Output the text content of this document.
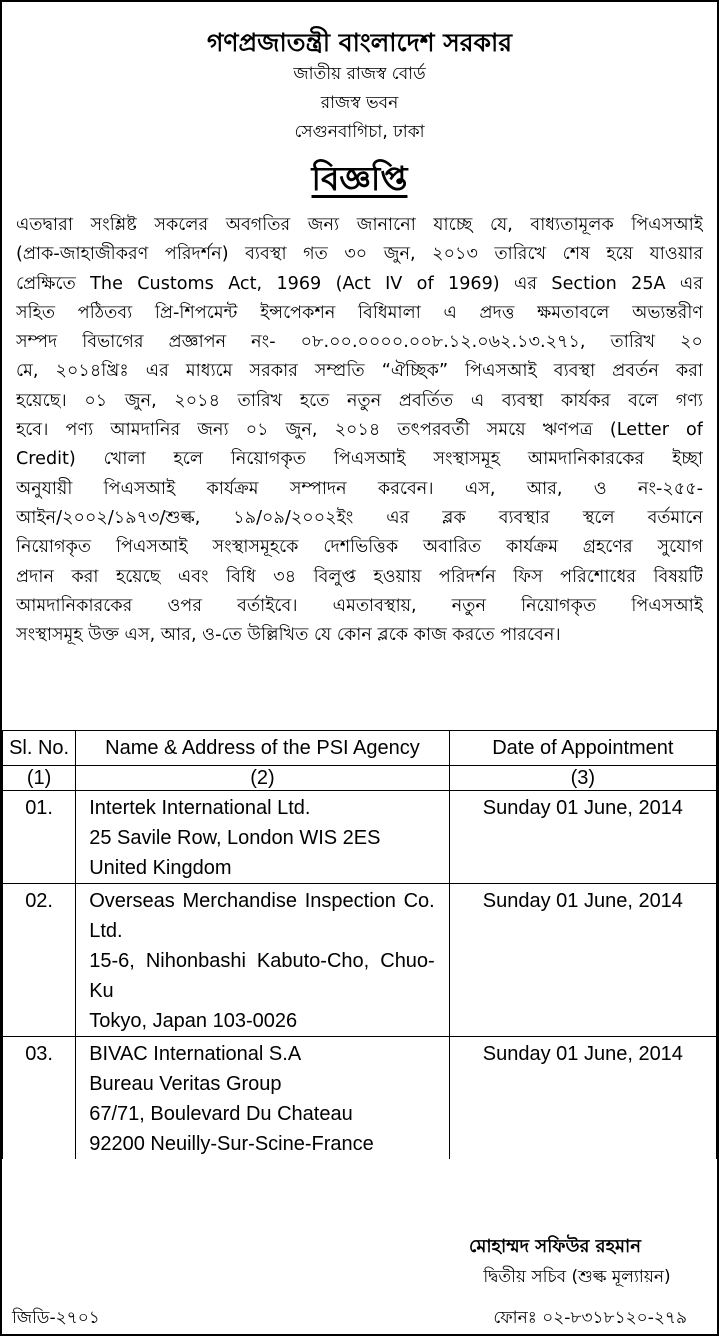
গণপ্রজাতন্ত্রী বাংলাদেশ সরকার
জাতীয় রাজস্ব বোর্ড
রাজস্ব ভবন
সেগুনবাগিচা, ঢাকা
বিজ্ঞপ্তি
এতদ্বারা সংশ্লিষ্ট সকলের অবগতির জন্য জানানো যাচ্ছে যে, বাধ্যতামূলক পিএসআই
(প্রাক-জাহাজীকরণ পরিদর্শন) ব্যবস্থা গত ৩০ জুন, ২০১৩ তারিখে শেষ হয়ে যাওয়ার
প্রেক্ষিতে The Customs Act, 1969 (Act IV of 1969) এর Section 25A এর
সহিত পঠিতব্য প্রি-শিপমেন্ট ইন্সপেকশন বিধিমালা এ প্রদত্ত ক্ষমতাবলে অভ্যন্তরীণ
সম্পদ বিভাগের প্রজ্ঞাপন নং- ০৮.০০.০০০০.০০৮.১২.০৬২.১৩.২৭১, তারিখ ২০
মে, ২০১৪খ্রিঃ এর মাধ্যমে সরকার সম্প্রতি “ঐচ্ছিক” পিএসআই ব্যবস্থা প্রবর্তন করা
হয়েছে। ০১ জুন, ২০১৪ তারিখ হতে নতুন প্রবর্তিত এ ব্যবস্থা কার্যকর বলে গণ্য
হবে। পণ্য আমদানির জন্য ০১ জুন, ২০১৪ তৎপরবর্তী সময়ে ঋণপত্র (Letter of
Credit) খোলা হলে নিয়োগকৃত পিএসআই সংস্থাসমূহ আমদানিকারকের ইচ্ছা
অনুযায়ী পিএসআই কার্যক্রম সম্পাদন করবেন। এস, আর, ও নং-২৫৫-
আইন/২০০২/১৯৭৩/শুল্ক, ১৯/০৯/২০০২ইং এর ব্লক ব্যবস্থার স্থলে বর্তমানে
নিয়োগকৃত পিএসআই সংস্থাসমূহকে দেশভিত্তিক অবারিত কার্যক্রম গ্রহণের সুযোগ
প্রদান করা হয়েছে এবং বিধি ৩৪ বিলুপ্ত হওয়ায় পরিদর্শন ফিস পরিশোধের বিষয়টি
আমদানিকারকের ওপর বর্তাইবে। এমতাবস্থায়, নতুন নিয়োগকৃত পিএসআই
সংস্থাসমূহ উক্ত এস, আর, ও-তে উল্লিখিত যে কোন ব্লকে কাজ করতে পারবেন।
Sl. No.	Name & Address of the PSI Agency	Date of Appointment
(1)	(2)	(3)
01.	Intertek International Ltd.
25 Savile Row, London WIS 2ES
United Kingdom	Sunday 01 June, 2014
02.	Overseas Merchandise Inspection Co. Ltd.
15-6, Nihonbashi Kabuto-Cho, Chuo-Ku
Tokyo, Japan 103-0026	Sunday 01 June, 2014
03.	BIVAC International S.A
Bureau Veritas Group
67/71, Boulevard Du Chateau
92200 Neuilly-Sur-Scine-France	Sunday 01 June, 2014
মোহাম্মদ সফিউর রহমান
দ্বিতীয় সচিব (শুল্ক মূল্যায়ন)
জিডি-২৭০১	ফোনঃ ০২-৮৩১৮১২০-২৭৯
